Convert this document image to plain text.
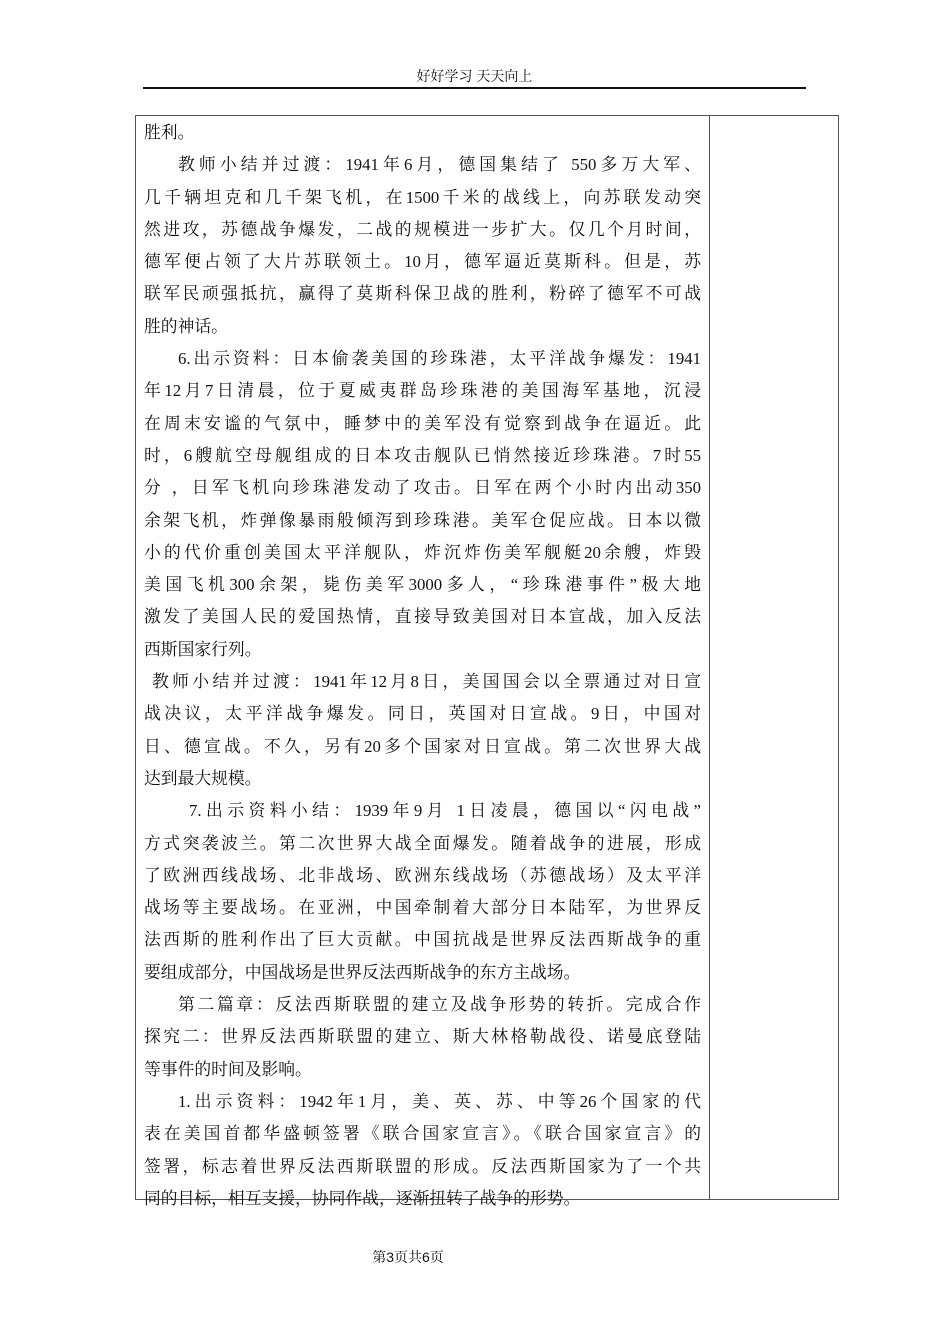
好好学习 天天向上
胜利。
教师小结并过渡：1941年6月，德国集结了 550多万大军、
几千辆坦克和几千架飞机，在1500千米的战线上，向苏联发动突
然进攻，苏德战争爆发，二战的规模进一步扩大。仅几个月时间，
德军便占领了大片苏联领土。10月，德军逼近莫斯科。但是，苏
联军民顽强抵抗，赢得了莫斯科保卫战的胜利，粉碎了德军不可战
胜的神话。
6.出示资料：日本偷袭美国的珍珠港，太平洋战争爆发：1941
年12月7日清晨，位于夏威夷群岛珍珠港的美国海军基地，沉浸
在周末安谧的气氛中，睡梦中的美军没有觉察到战争在逼近。此
时，6艘航空母舰组成的日本攻击舰队已悄然接近珍珠港。7时55
分 ，日军飞机向珍珠港发动了攻击。日军在两个小时内出动350
余架飞机，炸弹像暴雨般倾泻到珍珠港。美军仓促应战。日本以微
小的代价重创美国太平洋舰队，炸沉炸伤美军舰艇20余艘，炸毁
美国飞机300余架，毙伤美军3000多人，“珍珠港事件”极大地
激发了美国人民的爱国热情，直接导致美国对日本宣战，加入反法
西斯国家行列。
教师小结并过渡：1941年12月8日，美国国会以全票通过对日宣
战决议，太平洋战争爆发。同日，英国对日宣战。9日，中国对
日、德宣战。不久，另有20多个国家对日宣战。第二次世界大战
达到最大规模。
7.出示资料小结：1939年9月 1日凌晨，德国以“闪电战”
方式突袭波兰。第二次世界大战全面爆发。随着战争的进展，形成
了欧洲西线战场、北非战场、欧洲东线战场（苏德战场）及太平洋
战场等主要战场。在亚洲，中国牵制着大部分日本陆军，为世界反
法西斯的胜利作出了巨大贡献。中国抗战是世界反法西斯战争的重
要组成部分，中国战场是世界反法西斯战争的东方主战场。
第二篇章：反法西斯联盟的建立及战争形势的转折。完成合作
探究二：世界反法西斯联盟的建立、斯大林格勒战役、诺曼底登陆
等事件的时间及影响。
1.出示资料：1942年1月，美、英、苏、中等26个国家的代
表在美国首都华盛顿签署《联合国家宣言》。《联合国家宣言》的
签署，标志着世界反法西斯联盟的形成。反法西斯国家为了一个共
同的目标，相互支援，协同作战，逐渐扭转了战争的形势。
第3页共6页
